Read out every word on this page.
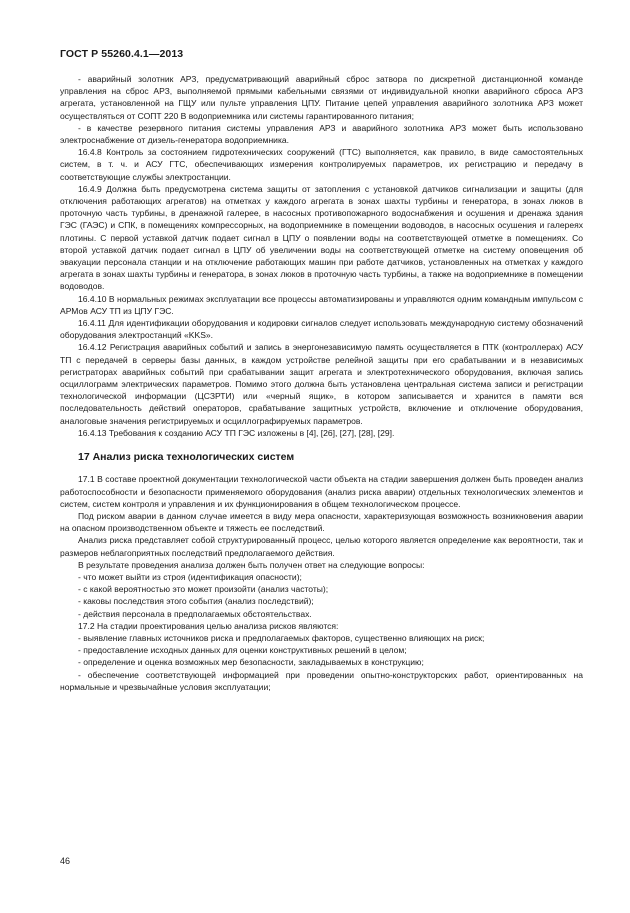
ГОСТ Р 55260.4.1—2013

- аварийный золотник АРЗ, предусматривающий аварийный сброс затвора по дискретной дистанционной команде управления на сброс АРЗ, выполняемой прямыми кабельными связями от индивидуальной кнопки аварийного сброса АРЗ агрегата, установленной на ГЩУ или пульте управления ЦПУ. Питание цепей управления аварийного золотника АРЗ может осуществляться от СОПТ 220 В водоприемника или системы гарантированного питания;

- в качестве резервного питания системы управления АРЗ и аварийного золотника АРЗ может быть использовано электроснабжение от дизель-генератора водоприемника.

16.4.8 Контроль за состоянием гидротехнических сооружений (ГТС) выполняется, как правило, в виде самостоятельных систем, в т. ч. и АСУ ГТС, обеспечивающих измерения контролируемых параметров, их регистрацию и передачу в соответствующие службы электростанции.

16.4.9 Должна быть предусмотрена система защиты от затопления с установкой датчиков сигнализации и защиты (для отключения работающих агрегатов) на отметках у каждого агрегата в зонах шахты турбины и генератора, в зонах люков в проточную часть турбины, в дренажной галерее, в насосных противопожарного водоснабжения и осушения и дренажа здания ГЭС (ГАЭС) и СПК, в помещениях компрессорных, на водоприемнике в помещении водоводов, в насосных осушения и галереях плотины. С первой уставкой датчик подает сигнал в ЦПУ о появлении воды на соответствующей отметке в помещениях. Со второй уставкой датчик подает сигнал в ЦПУ об увеличении воды на соответствующей отметке на систему оповещения об эвакуации персонала станции и на отключение работающих машин при работе датчиков, установленных на отметках у каждого агрегата в зонах шахты турбины и генератора, в зонах люков в проточную часть турбины, а также на водоприемнике в помещении водоводов.

16.4.10 В нормальных режимах эксплуатации все процессы автоматизированы и управляются одним командным импульсом с АРМов АСУ ТП из ЦПУ ГЭС.

16.4.11 Для идентификации оборудования и кодировки сигналов следует использовать международную систему обозначений оборудования электростанций «KKS».

16.4.12 Регистрация аварийных событий и запись в энергонезависимую память осуществляется в ПТК (контроллерах) АСУ ТП с передачей в серверы базы данных, в каждом устройстве релейной защиты при его срабатывании и в независимых регистраторах аварийных событий при срабатывании защит агрегата и электротехнического оборудования, включая запись осциллограмм электрических параметров. Помимо этого должна быть установлена центральная система записи и регистрации технологической информации (ЦСЗРТИ) или «черный ящик», в котором записывается и хранится в памяти вся последовательность действий операторов, срабатывание защитных устройств, включение и отключение оборудования, аналоговые значения регистрируемых и осциллографируемых параметров.

16.4.13 Требования к созданию АСУ ТП ГЭС изложены в [4], [26], [27], [28], [29].

17 Анализ риска технологических систем

17.1 В составе проектной документации технологической части объекта на стадии завершения должен быть проведен анализ работоспособности и безопасности применяемого оборудования (анализ риска аварии) отдельных технологических элементов и систем, систем контроля и управления и их функционирования в общем технологическом процессе.

Под риском аварии в данном случае имеется в виду мера опасности, характеризующая возможность возникновения аварии на опасном производственном объекте и тяжесть ее последствий.

Анализ риска представляет собой структурированный процесс, целью которого является определение как вероятности, так и размеров неблагоприятных последствий предполагаемого действия.

В результате проведения анализа должен быть получен ответ на следующие вопросы:

- что может выйти из строя (идентификация опасности);

- с какой вероятностью это может произойти (анализ частоты);

- каковы последствия этого события (анализ последствий);

- действия персонала в предполагаемых обстоятельствах.

17.2 На стадии проектирования целью анализа рисков являются:

- выявление главных источников риска и предполагаемых факторов, существенно влияющих на риск;

- предоставление исходных данных для оценки конструктивных решений в целом;

- определение и оценка возможных мер безопасности, закладываемых в конструкцию;

- обеспечение соответствующей информацией при проведении опытно-конструкторских работ, ориентированных на нормальные и чрезвычайные условия эксплуатации;

46
